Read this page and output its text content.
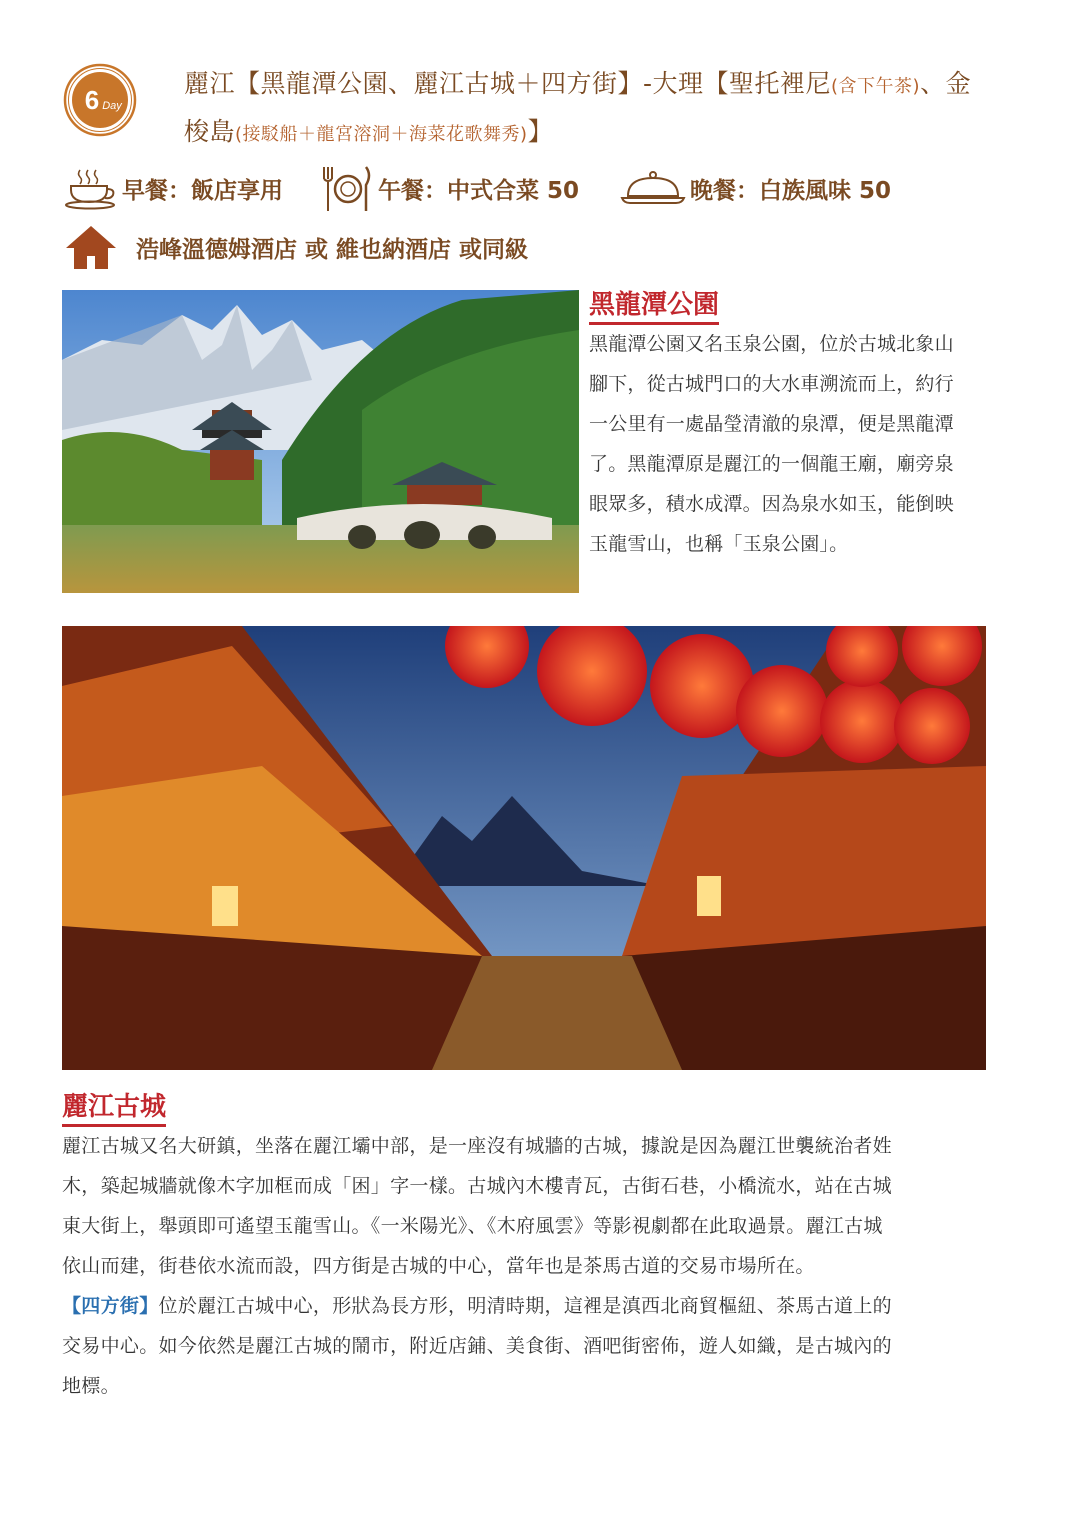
6 Day
麗江【黑龍潭公園、麗江古城＋四方街】-大理【聖托裡尼(含下午茶)、金
梭島(接駁船＋龍宮溶洞＋海菜花歌舞秀)】
早餐：飯店享用	午餐：中式合菜 50	晚餐：白族風味 50
浩峰溫德姆酒店 或 維也納酒店 或同級
黑龍潭公園
黑龍潭公園又名玉泉公園，位於古城北象山
腳下，從古城門口的大水車溯流而上，約行
一公里有一處晶瑩清澈的泉潭，便是黑龍潭
了。黑龍潭原是麗江的一個龍王廟，廟旁泉
眼眾多，積水成潭。因為泉水如玉，能倒映
玉龍雪山，也稱「玉泉公園」。
麗江古城
麗江古城又名大研鎮，坐落在麗江壩中部，是一座沒有城牆的古城，據說是因為麗江世襲統治者姓
木，築起城牆就像木字加框而成「困」字一樣。古城內木樓青瓦，古街石巷，小橋流水，站在古城
東大街上，舉頭即可遙望玉龍雪山。《一米陽光》、《木府風雲》等影視劇都在此取過景。麗江古城
依山而建，街巷依水流而設，四方街是古城的中心，當年也是茶馬古道的交易市場所在。
【四方街】位於麗江古城中心，形狀為長方形，明清時期，這裡是滇西北商貿樞紐、茶馬古道上的
交易中心。如今依然是麗江古城的鬧市，附近店鋪、美食街、酒吧街密佈，遊人如織，是古城內的
地標。
